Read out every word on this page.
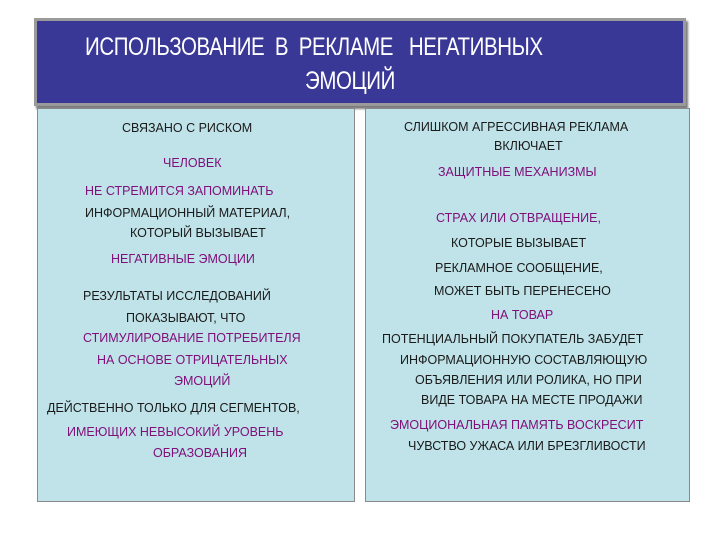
ИСПОЛЬЗОВАНИЕ  В  РЕКЛАМЕ   НЕГАТИВНЫХ
ЭМОЦИЙ
СВЯЗАНО С РИСКОМ
ЧЕЛОВЕК
НЕ СТРЕМИТСЯ ЗАПОМИНАТЬ
ИНФОРМАЦИОННЫЙ МАТЕРИАЛ,
КОТОРЫЙ ВЫЗЫВАЕТ
НЕГАТИВНЫЕ ЭМОЦИИ
РЕЗУЛЬТАТЫ ИССЛЕДОВАНИЙ
ПОКАЗЫВАЮТ, ЧТО
СТИМУЛИРОВАНИЕ ПОТРЕБИТЕЛЯ
НА ОСНОВЕ ОТРИЦАТЕЛЬНЫХ
ЭМОЦИЙ
ДЕЙСТВЕННО ТОЛЬКО ДЛЯ СЕГМЕНТОВ,
ИМЕЮЩИХ НЕВЫСОКИЙ УРОВЕНЬ
ОБРАЗОВАНИЯ
СЛИШКОМ АГРЕССИВНАЯ РЕКЛАМА
ВКЛЮЧАЕТ
ЗАЩИТНЫЕ МЕХАНИЗМЫ
СТРАХ ИЛИ ОТВРАЩЕНИЕ,
КОТОРЫЕ ВЫЗЫВАЕТ
РЕКЛАМНОЕ СООБЩЕНИЕ,
МОЖЕТ БЫТЬ ПЕРЕНЕСЕНО
НА ТОВАР
ПОТЕНЦИАЛЬНЫЙ ПОКУПАТЕЛЬ ЗАБУДЕТ
ИНФОРМАЦИОННУЮ СОСТАВЛЯЮЩУЮ
ОБЪЯВЛЕНИЯ ИЛИ РОЛИКА, НО ПРИ
ВИДЕ ТОВАРА НА МЕСТЕ ПРОДАЖИ
ЭМОЦИОНАЛЬНАЯ ПАМЯТЬ ВОСКРЕСИТ
ЧУВСТВО УЖАСА ИЛИ БРЕЗГЛИВОСТИ
